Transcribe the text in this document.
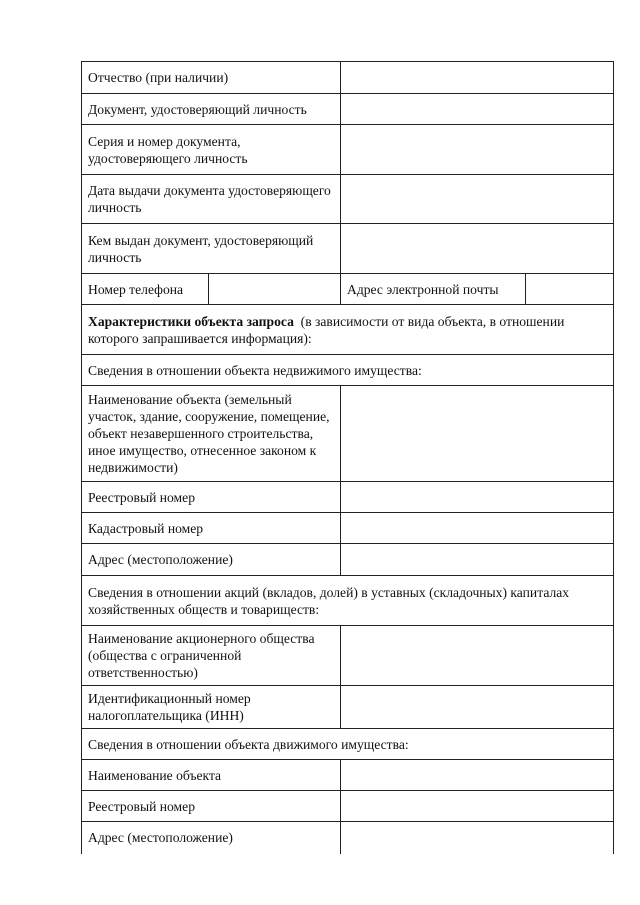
Отчество (при наличии)			
Документ, удостоверяющий личность			
Серия и номер документа, удостоверяющего личность			
Дата выдачи документа удостоверяющего личность			
Кем выдан документ, удостоверяющий личность			
Номер телефона		Адрес электронной почты	
Характеристики объекта запроса (в зависимости от вида объекта, в отношении которого запрашивается информация):			
Сведения в отношении объекта недвижимого имущества:			
Наименование объекта (земельный участок, здание, сооружение, помещение, объект незавершенного строительства, иное имущество, отнесенное законом к недвижимости)			
Реестровый номер			
Кадастровый номер			
Адрес (местоположение)			
Сведения в отношении акций (вкладов, долей) в уставных (складочных) капиталах хозяйственных обществ и товариществ:			
Наименование акционерного общества (общества с ограниченной ответственностью)			
Идентификационный номер налогоплательщика (ИНН)			
Сведения в отношении объекта движимого имущества:			
Наименование объекта			
Реестровый номер			
Адрес (местоположение)			
